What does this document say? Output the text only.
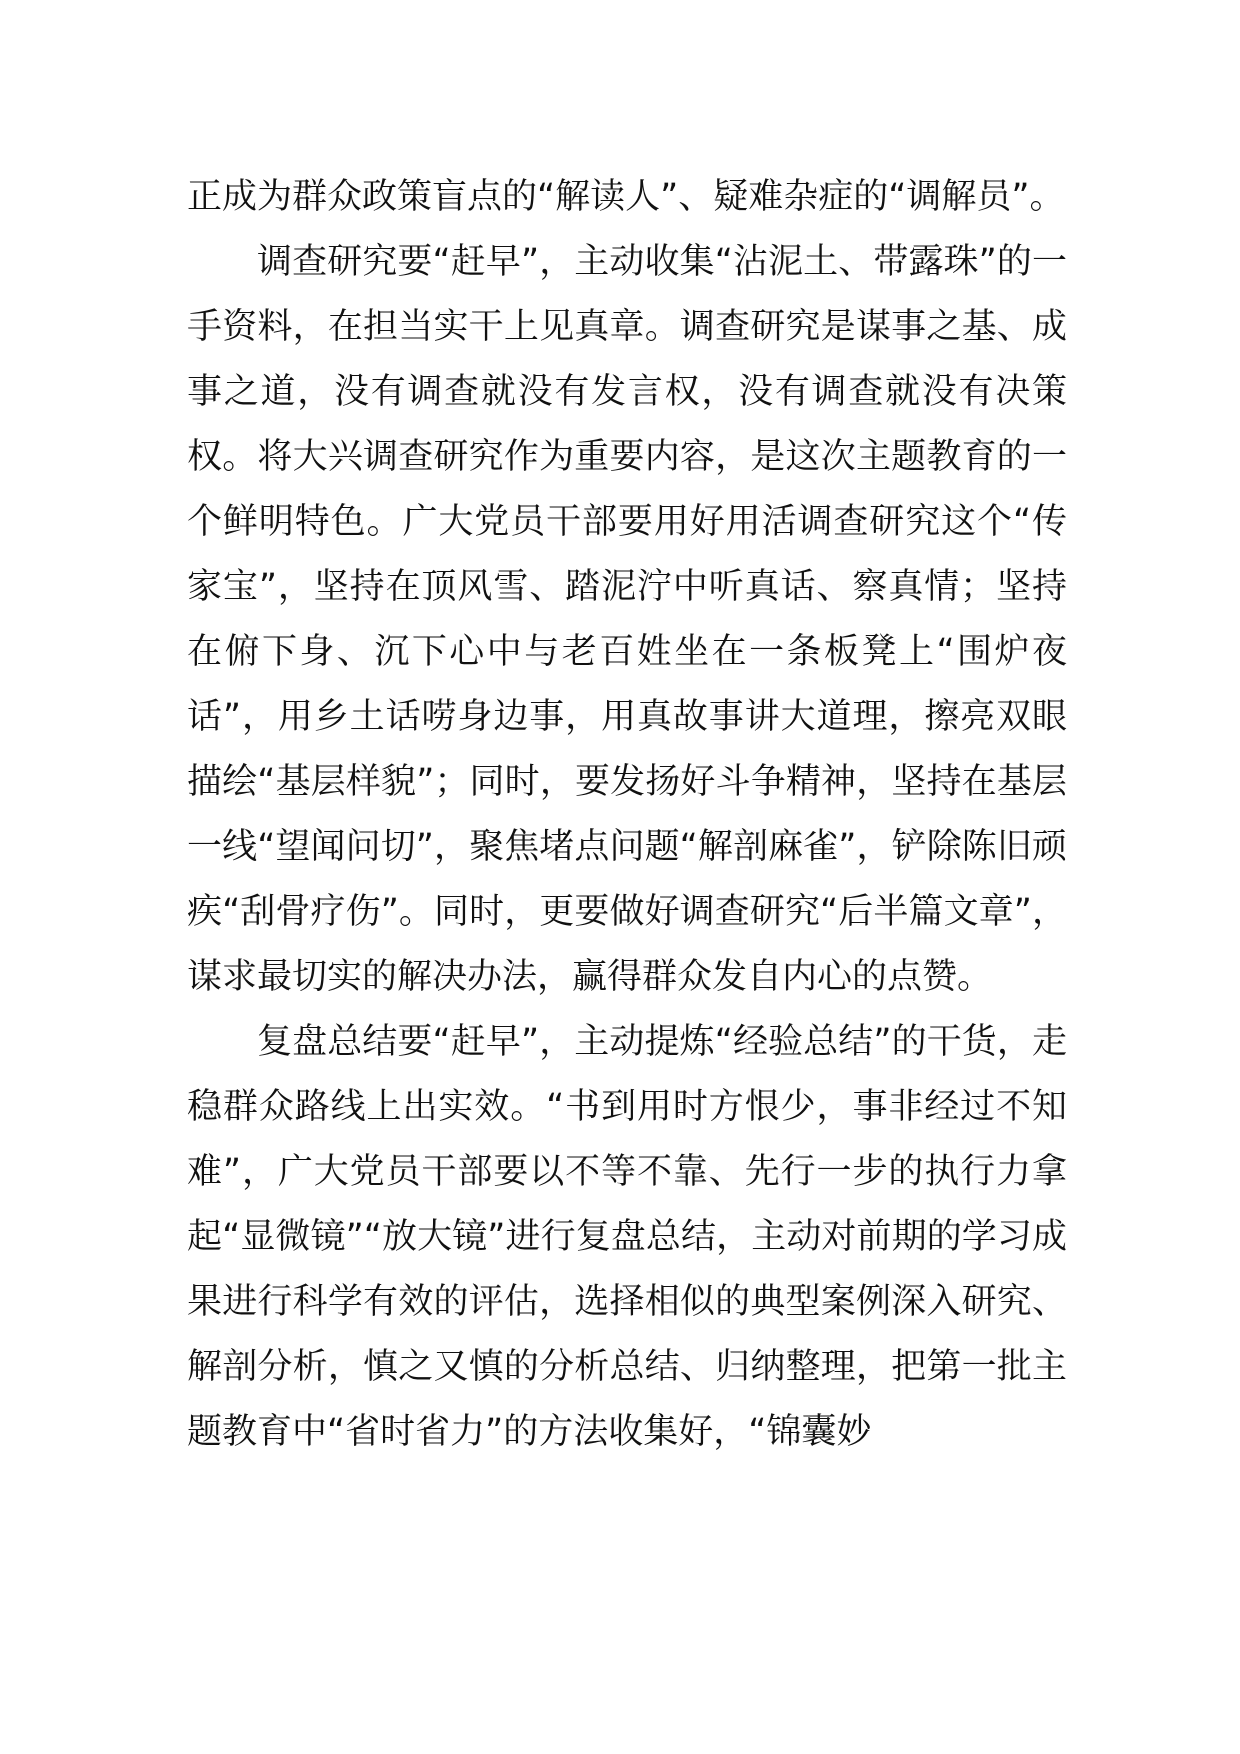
正成为群众政策盲点的“解读人”、疑难杂症的“调解员”。

调查研究要“赶早”，主动收集“沾泥土、带露珠”的一手资料，在担当实干上见真章。调查研究是谋事之基、成事之道，没有调查就没有发言权，没有调查就没有决策权。将大兴调查研究作为重要内容，是这次主题教育的一个鲜明特色。广大党员干部要用好用活调查研究这个“传家宝”，坚持在顶风雪、踏泥泞中听真话、察真情；坚持在俯下身、沉下心中与老百姓坐在一条板凳上“围炉夜话”，用乡土话唠身边事，用真故事讲大道理，擦亮双眼描绘“基层样貌”；同时，要发扬好斗争精神，坚持在基层一线“望闻问切”，聚焦堵点问题“解剖麻雀”，铲除陈旧顽疾“刮骨疗伤”。同时，更要做好调查研究“后半篇文章”，谋求最切实的解决办法，赢得群众发自内心的点赞。

复盘总结要“赶早”，主动提炼“经验总结”的干货，走稳群众路线上出实效。“书到用时方恨少，事非经过不知难”，广大党员干部要以不等不靠、先行一步的执行力拿起“显微镜”“放大镜”进行复盘总结，主动对前期的学习成果进行科学有效的评估，选择相似的典型案例深入研究、解剖分析，慎之又慎的分析总结、归纳整理，把第一批主题教育中“省时省力”的方法收集好，“锦囊妙
